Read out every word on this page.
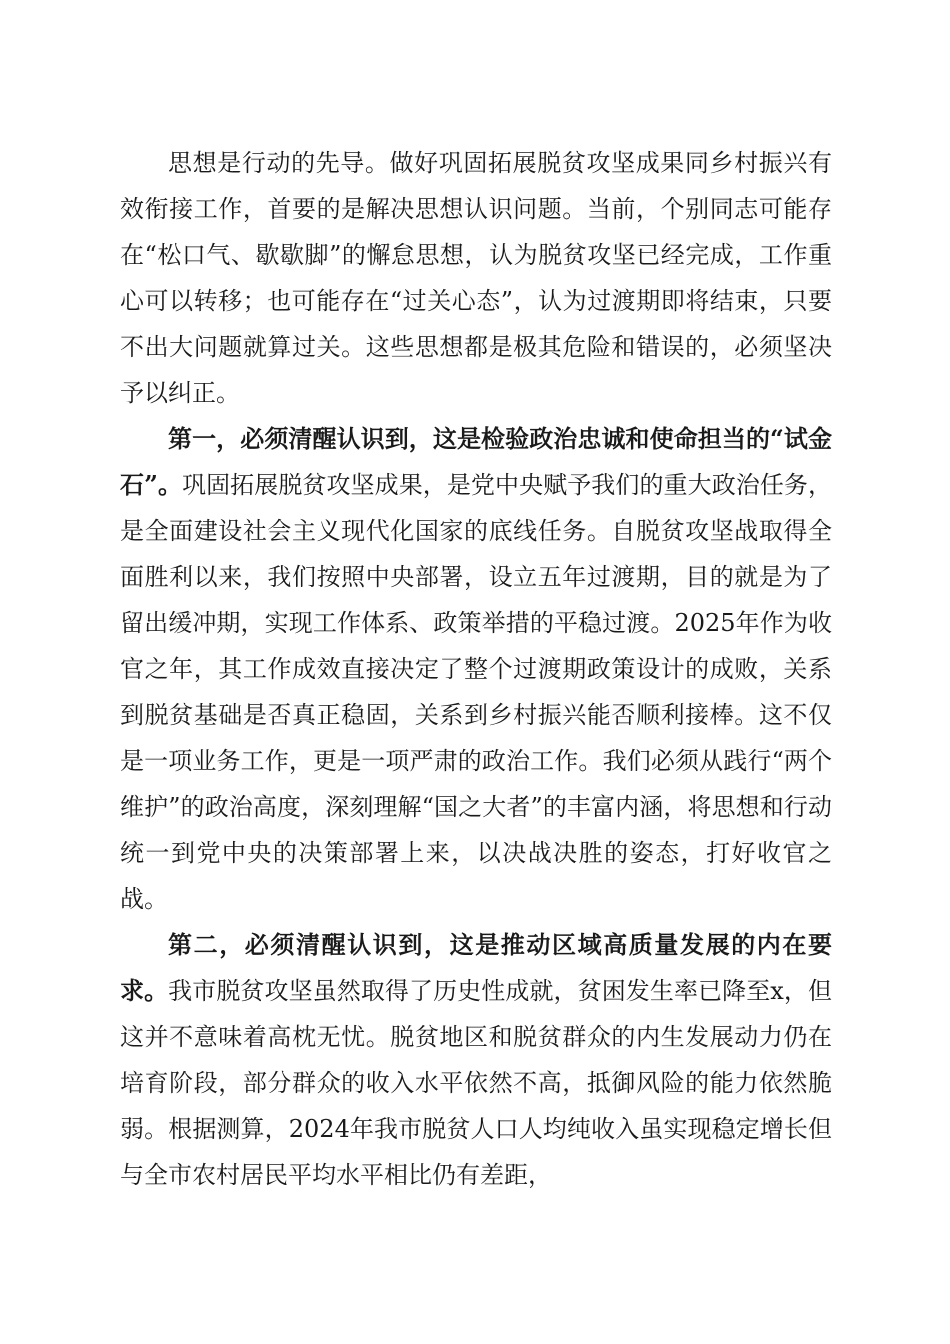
思想是行动的先导。做好巩固拓展脱贫攻坚成果同乡村振兴有效衔接工作，首要的是解决思想认识问题。当前，个别同志可能存在“松口气、歇歇脚”的懈怠思想，认为脱贫攻坚已经完成，工作重心可以转移；也可能存在“过关心态”，认为过渡期即将结束，只要不出大问题就算过关。这些思想都是极其危险和错误的，必须坚决予以纠正。

第一，必须清醒认识到，这是检验政治忠诚和使命担当的“试金石”。巩固拓展脱贫攻坚成果，是党中央赋予我们的重大政治任务，是全面建设社会主义现代化国家的底线任务。自脱贫攻坚战取得全面胜利以来，我们按照中央部署，设立五年过渡期，目的就是为了留出缓冲期，实现工作体系、政策举措的平稳过渡。2025年作为收官之年，其工作成效直接决定了整个过渡期政策设计的成败，关系到脱贫基础是否真正稳固，关系到乡村振兴能否顺利接棒。这不仅是一项业务工作，更是一项严肃的政治工作。我们必须从践行“两个维护”的政治高度，深刻理解“国之大者”的丰富内涵，将思想和行动统一到党中央的决策部署上来，以决战决胜的姿态，打好收官之战。

第二，必须清醒认识到，这是推动区域高质量发展的内在要求。我市脱贫攻坚虽然取得了历史性成就，贫困发生率已降至x，但这并不意味着高枕无忧。脱贫地区和脱贫群众的内生发展动力仍在培育阶段，部分群众的收入水平依然不高，抵御风险的能力依然脆弱。根据测算，2024年我市脱贫人口人均纯收入虽实现稳定增长但与全市农村居民平均水平相比仍有差距，
